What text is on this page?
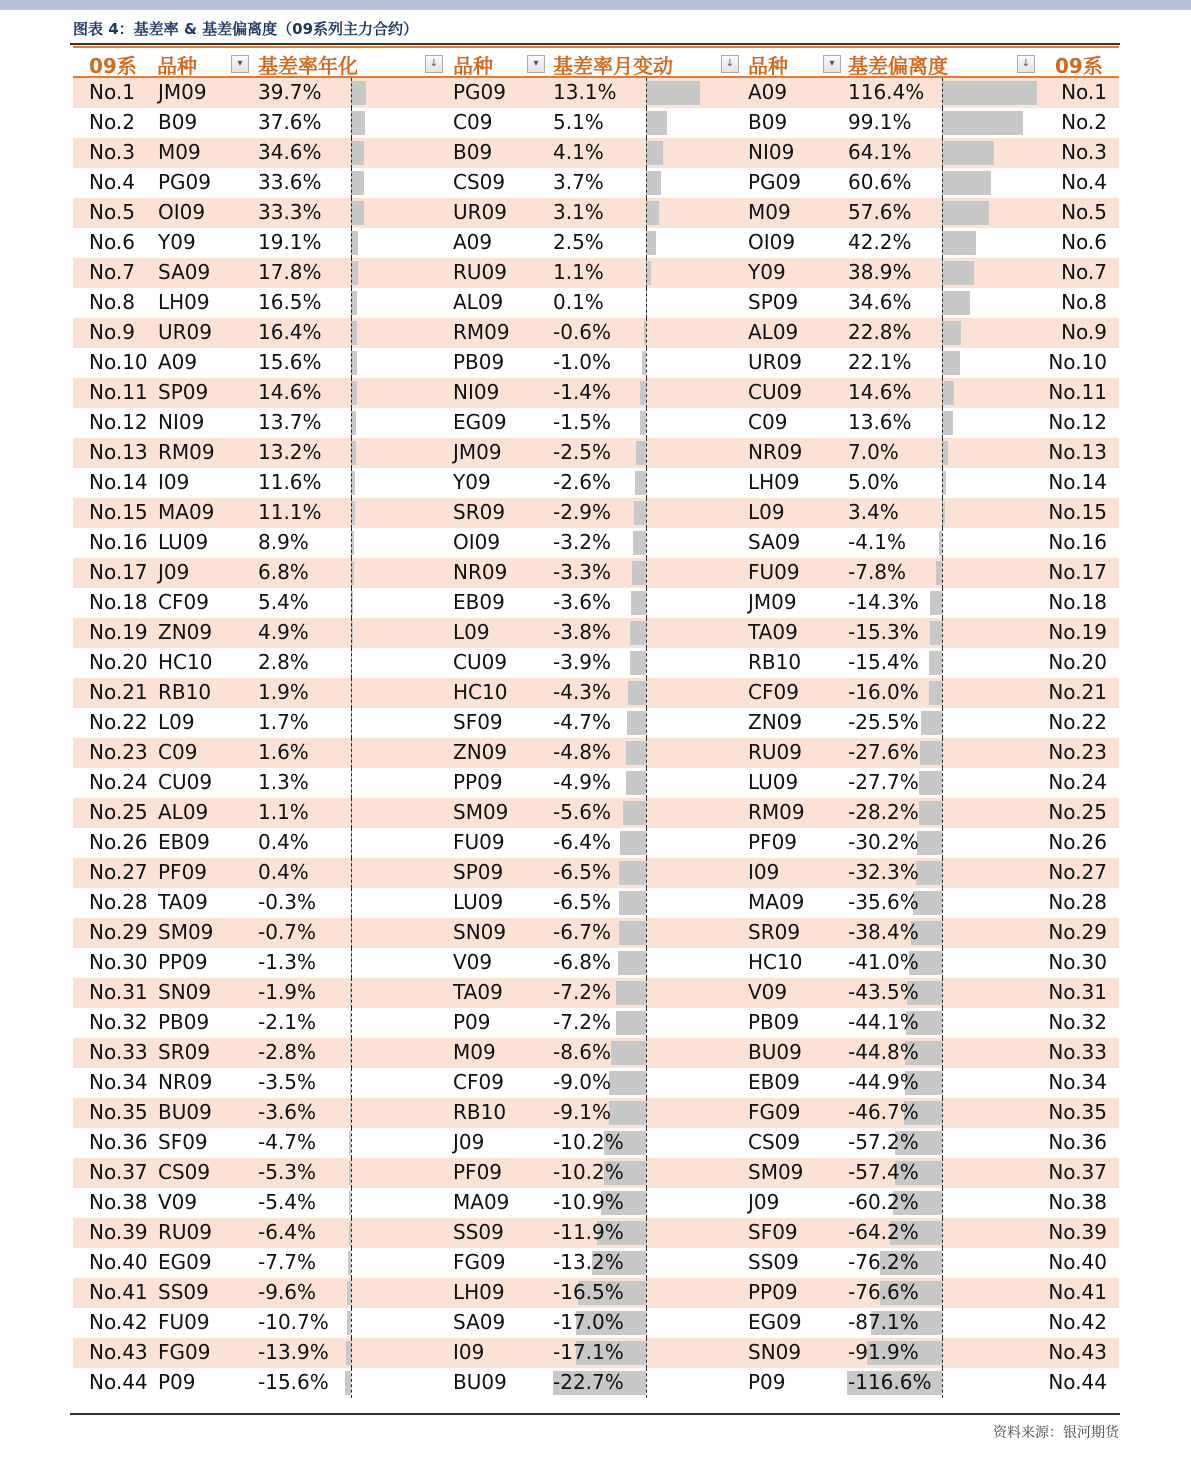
图表 4：基差率 & 基差偏离度（09系列主力合约）
09系 品种	▾ 基差率年化	↓ 品种	▾ 基差率月变动	↓ 品种	▾ 基差偏离度	↓ 09系
No.1 JM09	39.7%	PG09 13.1%	A09	116.4%	No.1
No.2 B09	37.6%	C09	5.1%	B09	99.1%	No.2
No.3 M09	34.6%	B09	4.1%	NI09	64.1%	No.3
No.4 PG09 33.6%	CS09 3.7%	PG09 60.6%	No.4
No.5 OI09	33.3%	UR09 3.1%	M09	57.6%	No.5
No.6 Y09	19.1%	A09	2.5%	OI09	42.2%	No.6
No.7 SA09 17.8%	RU09 1.1%	Y09	38.9%	No.7
No.8 LH09 16.5%	AL09 0.1%	SP09 34.6%	No.8
No.9 UR09 16.4%	RM09 -0.6%	AL09 22.8%	No.9
No.10 A09	15.6%	PB09 -1.0%	UR09 22.1%	No.10
No.11 SP09 14.6%	NI09	-1.4%	CU09 14.6%	No.11
No.12 NI09	13.7%	EG09 -1.5%	C09	13.6%	No.12
No.13 RM09 13.2%	JM09	-2.5%	NR09 7.0%	No.13
No.14 I09	11.6%	Y09	-2.6%	LH09 5.0%	No.14
No.15 MA09 11.1%	SR09 -2.9%	L09	3.4%	No.15
No.16 LU09 8.9%	OI09	-3.2%	SA09 -4.1%	No.16
No.17 J09	6.8%	NR09 -3.3%	FU09 -7.8%	No.17
No.18 CF09 5.4%	EB09 -3.6%	JM09	-14.3%	No.18
No.19 ZN09 4.9%	L09	-3.8%	TA09	-15.3%	No.19
No.20 HC10 2.8%	CU09 -3.9%	RB10 -15.4%	No.20
No.21 RB10 1.9%	HC10 -4.3%	CF09 -16.0%	No.21
No.22 L09	1.7%	SF09	-4.7%	ZN09 -25.5%	No.22
No.23 C09	1.6%	ZN09 -4.8%	RU09 -27.6%	No.23
No.24 CU09 1.3%	PP09	-4.9%	LU09 -27.7%	No.24
No.25 AL09 1.1%	SM09 -5.6%	RM09 -28.2%	No.25
No.26 EB09 0.4%	FU09 -6.4%	PF09	-30.2%	No.26
No.27 PF09	0.4%	SP09 -6.5%	I09	-32.3%	No.27
No.28 TA09	-0.3%	LU09 -6.5%	MA09 -35.6%	No.28
No.29 SM09 -0.7%	SN09 -6.7%	SR09 -38.4%	No.29
No.30 PP09	-1.3%	V09	-6.8%	HC10 -41.0%	No.30
No.31 SN09 -1.9%	TA09	-7.2%	V09	-43.5%	No.31
No.32 PB09 -2.1%	P09	-7.2%	PB09 -44.1%	No.32
No.33 SR09 -2.8%	M09	-8.6%	BU09 -44.8%	No.33
No.34 NR09 -3.5%	CF09 -9.0%	EB09 -44.9%	No.34
No.35 BU09 -3.6%	RB10 -9.1%	FG09 -46.7%	No.35
No.36 SF09	-4.7%	J09	-10.2%	CS09 -57.2%	No.36
No.37 CS09 -5.3%	PF09	-10.2%	SM09 -57.4%	No.37
No.38 V09	-5.4%	MA09 -10.9%	J09	-60.2%	No.38
No.39 RU09 -6.4%	SS09 -11.9%	SF09	-64.2%	No.39
No.40 EG09 -7.7%	FG09 -13.2%	SS09 -76.2%	No.40
No.41 SS09 -9.6%	LH09 -16.5%	PP09	-76.6%	No.41
No.42 FU09 -10.7%	SA09 -17.0%	EG09 -87.1%	No.42
No.43 FG09 -13.9%	I09	-17.1%	SN09 -91.9%	No.43
No.44 P09	-15.6%	BU09 -22.7%	P09	-116.6%	No.44
资料来源：银河期货
